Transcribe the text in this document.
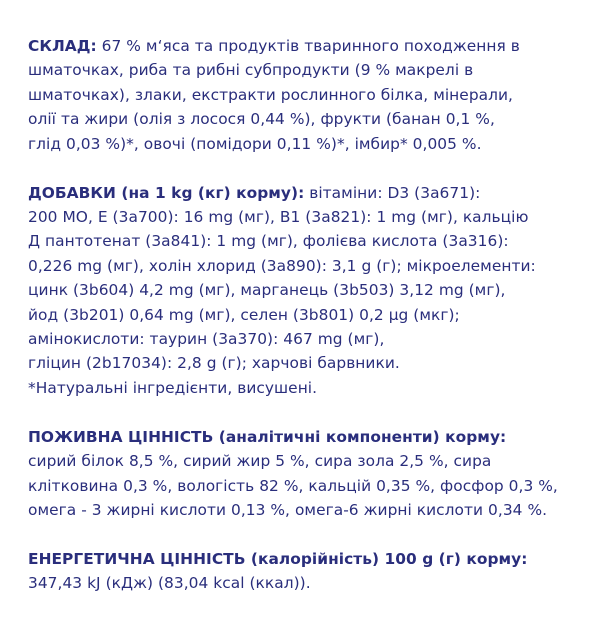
СКЛАД: 67 % м‘яса та продуктів тваринного походження в
шматочках, риба та рибні субпродукти (9 % макрелі в
шматочках), злаки, екстракти рослинного білка, мінерали,
олії та жири (олія з лосося 0,44 %), фрукти (банан 0,1 %,
глід 0,03 %)*, овочі (помідори 0,11 %)*, імбир* 0,005 %.
ДОБАВКИ (на 1 kg (кг) корму): вітаміни: D3 (3а671):
200 МО, E (3а700): 16 mg (мг), B1 (3а821): 1 mg (мг), кальцію
Д пантотенат (3а841): 1 mg (мг), фолієва кислота (3а316):
0,226 mg (мг), холін хлорид (3а890): 3,1 g (г); мікроелементи:
цинк (3b604) 4,2 mg (мг), марганець (3b503) 3,12 mg (мг),
йод (3b201) 0,64 mg (мг), селен (3b801) 0,2 µg (мкг);
амінокислоти: таурин (3а370): 467 mg (мг),
гліцин (2b17034): 2,8 g (г); харчові барвники.
*Натуральні інгредієнти, висушені.
ПОЖИВНА ЦІННІСТЬ (аналітичні компоненти) корму:
сирий білок 8,5 %, сирий жир 5 %, сира зола 2,5 %, сира
клітковина 0,3 %, вологість 82 %, кальцій 0,35 %, фосфор 0,3 %,
омега - 3 жирні кислоти 0,13 %, омега-6 жирні кислоти 0,34 %.
ЕНЕРГЕТИЧНА ЦІННІСТЬ (калорійність) 100 g (г) корму:
347,43 kJ (кДж) (83,04 kcal (ккал)).
